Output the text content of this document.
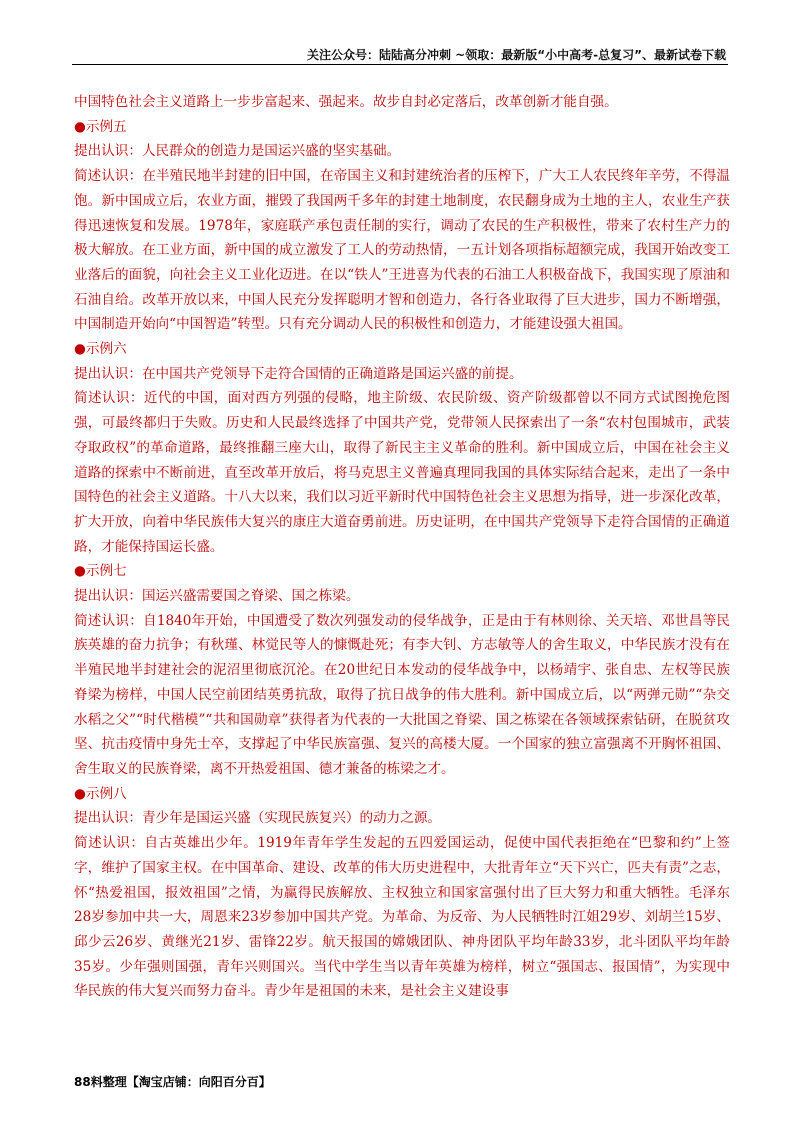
关注公众号：陆陆高分冲刺 ~领取：最新版“小中高考-总复习”、最新试卷下载

中国特色社会主义道路上一步步富起来、强起来。故步自封必定落后，改革创新才能自强。

●示例五

提出认识：人民群众的创造力是国运兴盛的坚实基础。

简述认识：在半殖民地半封建的旧中国，在帝国主义和封建统治者的压榨下，广大工人农民终年辛劳，不得温饱。新中国成立后，农业方面，摧毁了我国两千多年的封建土地制度，农民翻身成为土地的主人，农业生产获得迅速恢复和发展。1978年，家庭联产承包责任制的实行，调动了农民的生产积极性，带来了农村生产力的极大解放。在工业方面，新中国的成立激发了工人的劳动热情，一五计划各项指标超额完成，我国开始改变工业落后的面貌，向社会主义工业化迈进。在以“铁人”王进喜为代表的石油工人积极奋战下，我国实现了原油和石油自给。改革开放以来，中国人民充分发挥聪明才智和创造力，各行各业取得了巨大进步，国力不断增强，中国制造开始向“中国智造”转型。只有充分调动人民的积极性和创造力，才能建设强大祖国。

●示例六

提出认识：在中国共产党领导下走符合国情的正确道路是国运兴盛的前提。

简述认识：近代的中国，面对西方列强的侵略，地主阶级、农民阶级、资产阶级都曾以不同方式试图挽危图强，可最终都归于失败。历史和人民最终选择了中国共产党，党带领人民探索出了一条“农村包围城市，武装夺取政权”的革命道路，最终推翻三座大山，取得了新民主主义革命的胜利。新中国成立后，中国在社会主义道路的探索中不断前进，直至改革开放后，将马克思主义普遍真理同我国的具体实际结合起来，走出了一条中国特色的社会主义道路。十八大以来，我们以习近平新时代中国特色社会主义思想为指导，进一步深化改革，扩大开放，向着中华民族伟大复兴的康庄大道奋勇前进。历史证明，在中国共产党领导下走符合国情的正确道路，才能保持国运长盛。

●示例七

提出认识：国运兴盛需要国之脊梁、国之栋梁。

简述认识：自1840年开始，中国遭受了数次列强发动的侵华战争，正是由于有林则徐、关天培、邓世昌等民族英雄的奋力抗争；有秋瑾、林觉民等人的慷慨赴死；有李大钊、方志敏等人的舍生取义，中华民族才没有在半殖民地半封建社会的泥沼里彻底沉沦。在20世纪日本发动的侵华战争中，以杨靖宇、张自忠、左权等民族脊梁为榜样，中国人民空前团结英勇抗敌，取得了抗日战争的伟大胜利。新中国成立后，以“两弹元勋”“杂交水稻之父”“时代楷模”“共和国勋章”获得者为代表的一大批国之脊梁、国之栋梁在各领域探索钻研，在脱贫攻坚、抗击疫情中身先士卒，支撑起了中华民族富强、复兴的高楼大厦。一个国家的独立富强离不开胸怀祖国、舍生取义的民族脊梁，离不开热爱祖国、德才兼备的栋梁之才。

●示例八

提出认识：青少年是国运兴盛（实现民族复兴）的动力之源。

简述认识：自古英雄出少年。1919年青年学生发起的五四爱国运动，促使中国代表拒绝在“巴黎和约”上签字，维护了国家主权。在中国革命、建设、改革的伟大历史进程中，大批青年立“天下兴亡，匹夫有责”之志，怀“热爱祖国，报效祖国”之情，为赢得民族解放、主权独立和国家富强付出了巨大努力和重大牺牲。毛泽东28岁参加中共一大，周恩来23岁参加中国共产党。为革命、为反帝、为人民牺牲时江姐29岁、刘胡兰15岁、邱少云26岁、黄继光21岁、雷锋22岁。航天报国的嫦娥团队、神舟团队平均年龄33岁，北斗团队平均年龄35岁。少年强则国强，青年兴则国兴。当代中学生当以青年英雄为榜样，树立“强国志、报国情”，为实现中华民族的伟大复兴而努力奋斗。青少年是祖国的未来，是社会主义建设事

88料整理【淘宝店铺：向阳百分百】
